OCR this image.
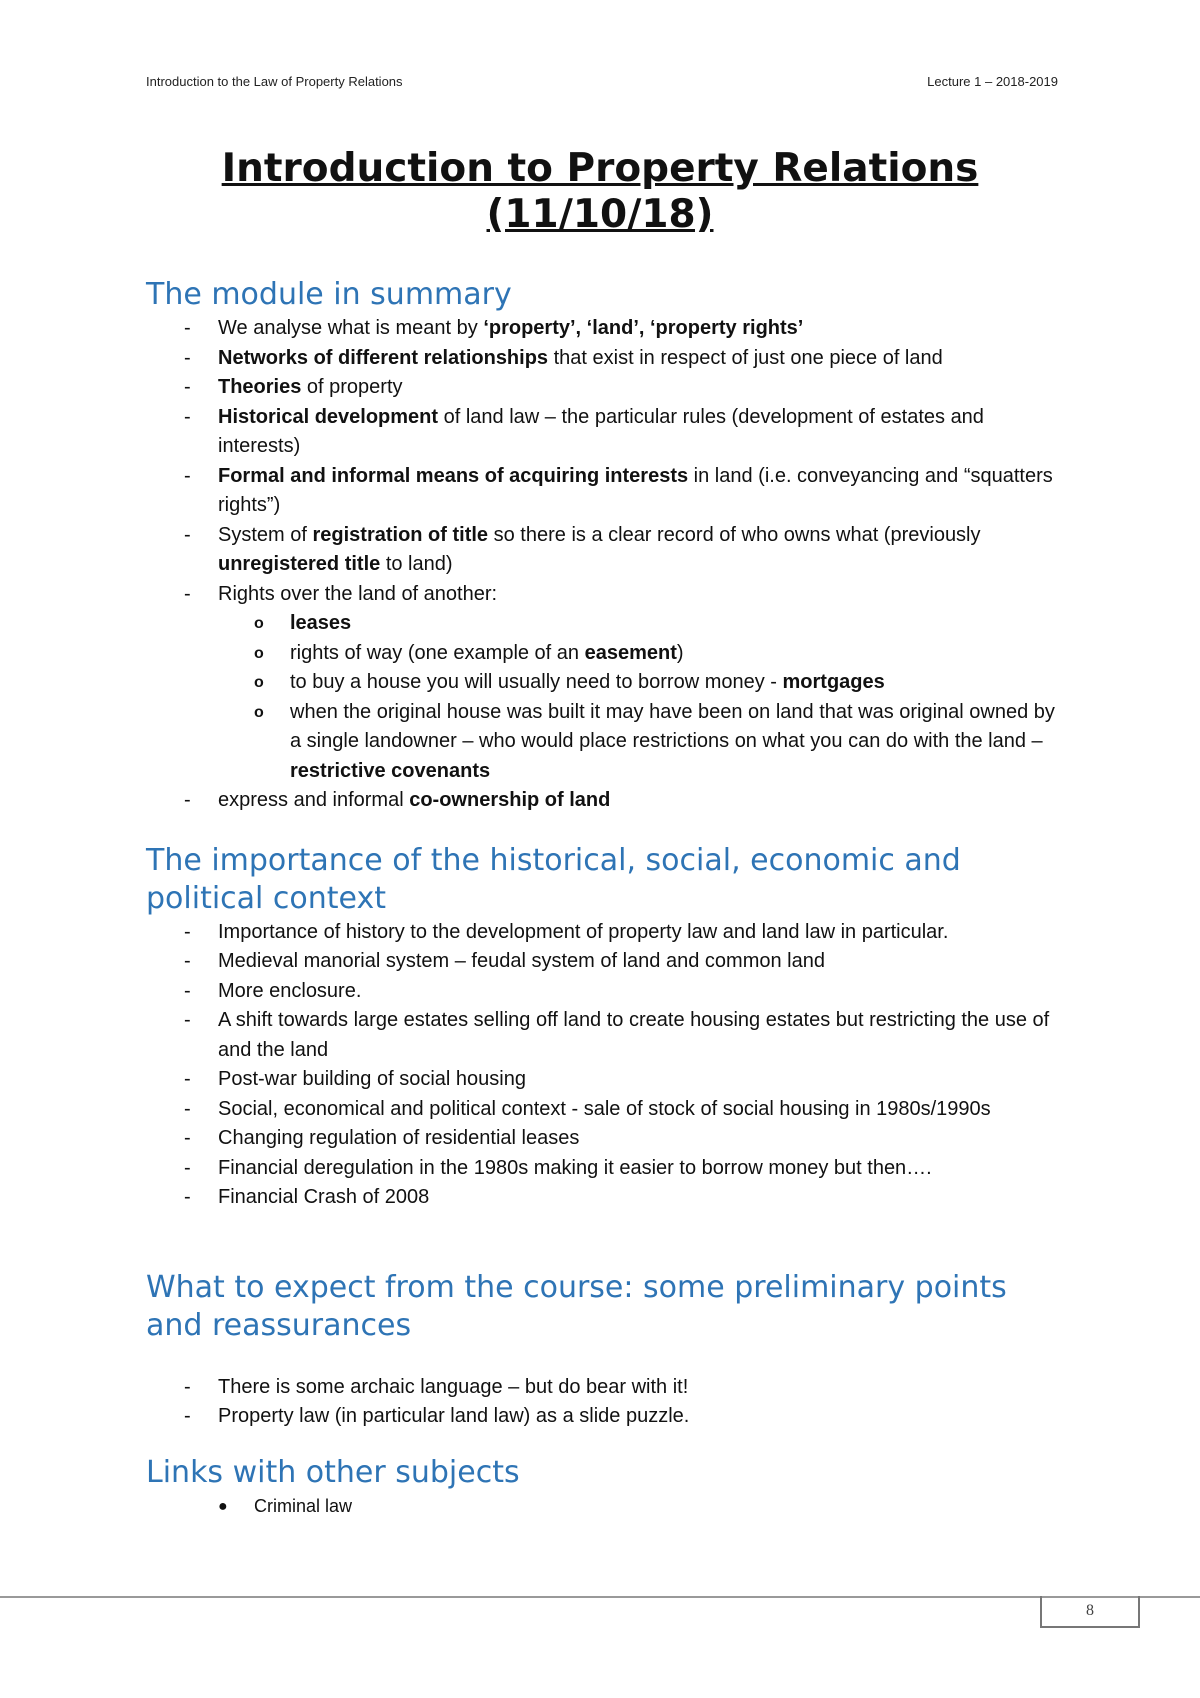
Introduction to the Law of Property Relations	Lecture 1 – 2018-2019
Introduction to Property Relations
(11/10/18)
The module in summary
- We analyse what is meant by ‘property’, ‘land’, ‘property rights’
- Networks of different relationships that exist in respect of just one piece of land
- Theories of property
- Historical development of land law – the particular rules (development of estates and interests)
- Formal and informal means of acquiring interests in land (i.e. conveyancing and “squatters rights”)
- System of registration of title so there is a clear record of who owns what (previously unregistered title to land)
- Rights over the land of another:
o leases
o rights of way (one example of an easement)
o to buy a house you will usually need to borrow money - mortgages
o when the original house was built it may have been on land that was original owned by a single landowner – who would place restrictions on what you can do with the land – restrictive covenants
- express and informal co-ownership of land
The importance of the historical, social, economic and political context
- Importance of history to the development of property law and land law in particular.
- Medieval manorial system – feudal system of land and common land
- More enclosure.
- A shift towards large estates selling off land to create housing estates but restricting the use of and the land
- Post-war building of social housing
- Social, economical and political context - sale of stock of social housing in 1980s/1990s
- Changing regulation of residential leases
- Financial deregulation in the 1980s making it easier to borrow money but then….
- Financial Crash of 2008
What to expect from the course: some preliminary points and reassurances
- There is some archaic language – but do bear with it!
- Property law (in particular land law) as a slide puzzle.
Links with other subjects
● Criminal law
8
